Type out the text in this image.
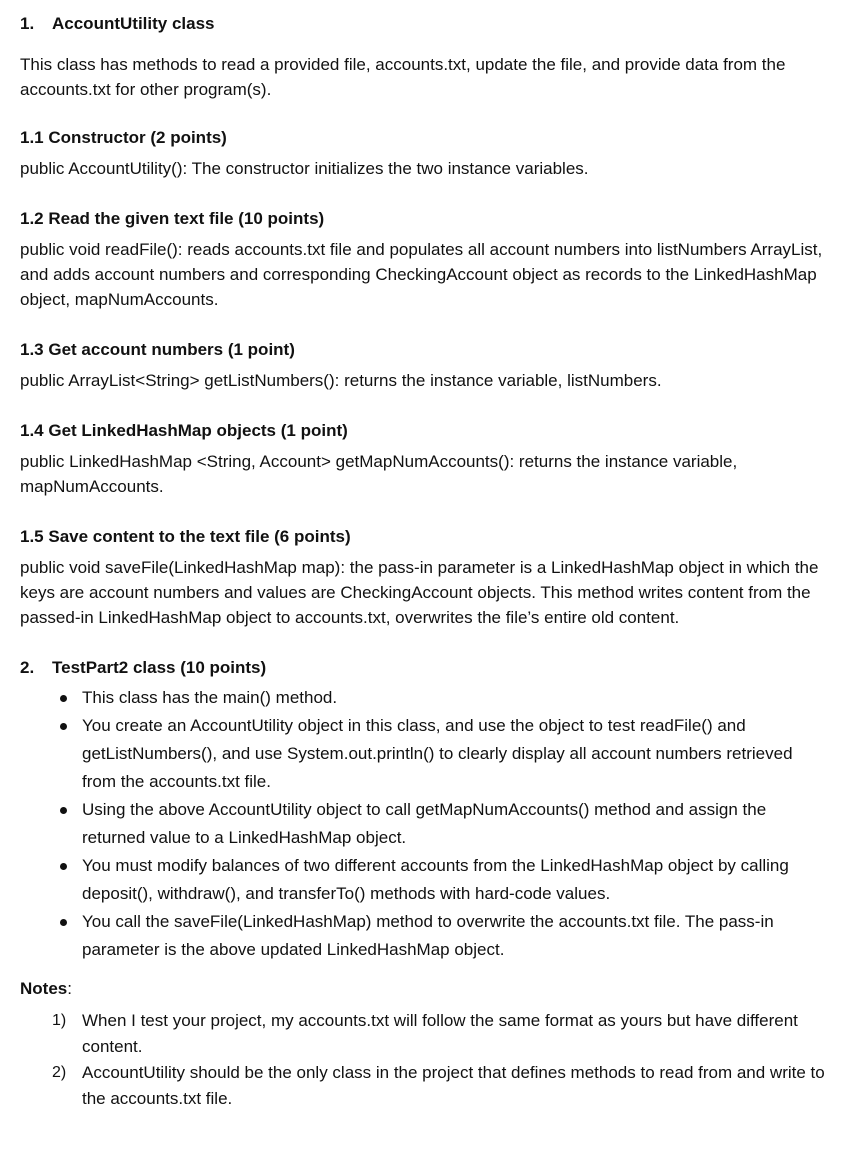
1. AccountUtility class

This class has methods to read a provided file, accounts.txt, update the file, and provide data from the accounts.txt for other program(s).

1.1 Constructor (2 points)

public AccountUtility(): The constructor initializes the two instance variables.

1.2 Read the given text file (10 points)

public void readFile(): reads accounts.txt file and populates all account numbers into listNumbers ArrayList, and adds account numbers and corresponding CheckingAccount object as records to the LinkedHashMap object, mapNumAccounts.

1.3 Get account numbers (1 point)

public ArrayList<String> getListNumbers(): returns the instance variable, listNumbers.

1.4 Get LinkedHashMap objects (1 point)

public LinkedHashMap <String, Account> getMapNumAccounts(): returns the instance variable, mapNumAccounts.

1.5 Save content to the text file (6 points)

public void saveFile(LinkedHashMap map): the pass-in parameter is a LinkedHashMap object in which the keys are account numbers and values are CheckingAccount objects. This method writes content from the passed-in LinkedHashMap object to accounts.txt, overwrites the file’s entire old content.

2. TestPart2 class (10 points)
This class has the main() method.
You create an AccountUtility object in this class, and use the object to test readFile() and getListNumbers(), and use System.out.println() to clearly display all account numbers retrieved from the accounts.txt file.
Using the above AccountUtility object to call getMapNumAccounts() method and assign the returned value to a LinkedHashMap object.
You must modify balances of two different accounts from the LinkedHashMap object by calling deposit(), withdraw(), and transferTo() methods with hard-code values.
You call the saveFile(LinkedHashMap) method to overwrite the accounts.txt file. The pass-in parameter is the above updated LinkedHashMap object.
Notes:
1) When I test your project, my accounts.txt will follow the same format as yours but have different content.
2) AccountUtility should be the only class in the project that defines methods to read from and write to the accounts.txt file.
